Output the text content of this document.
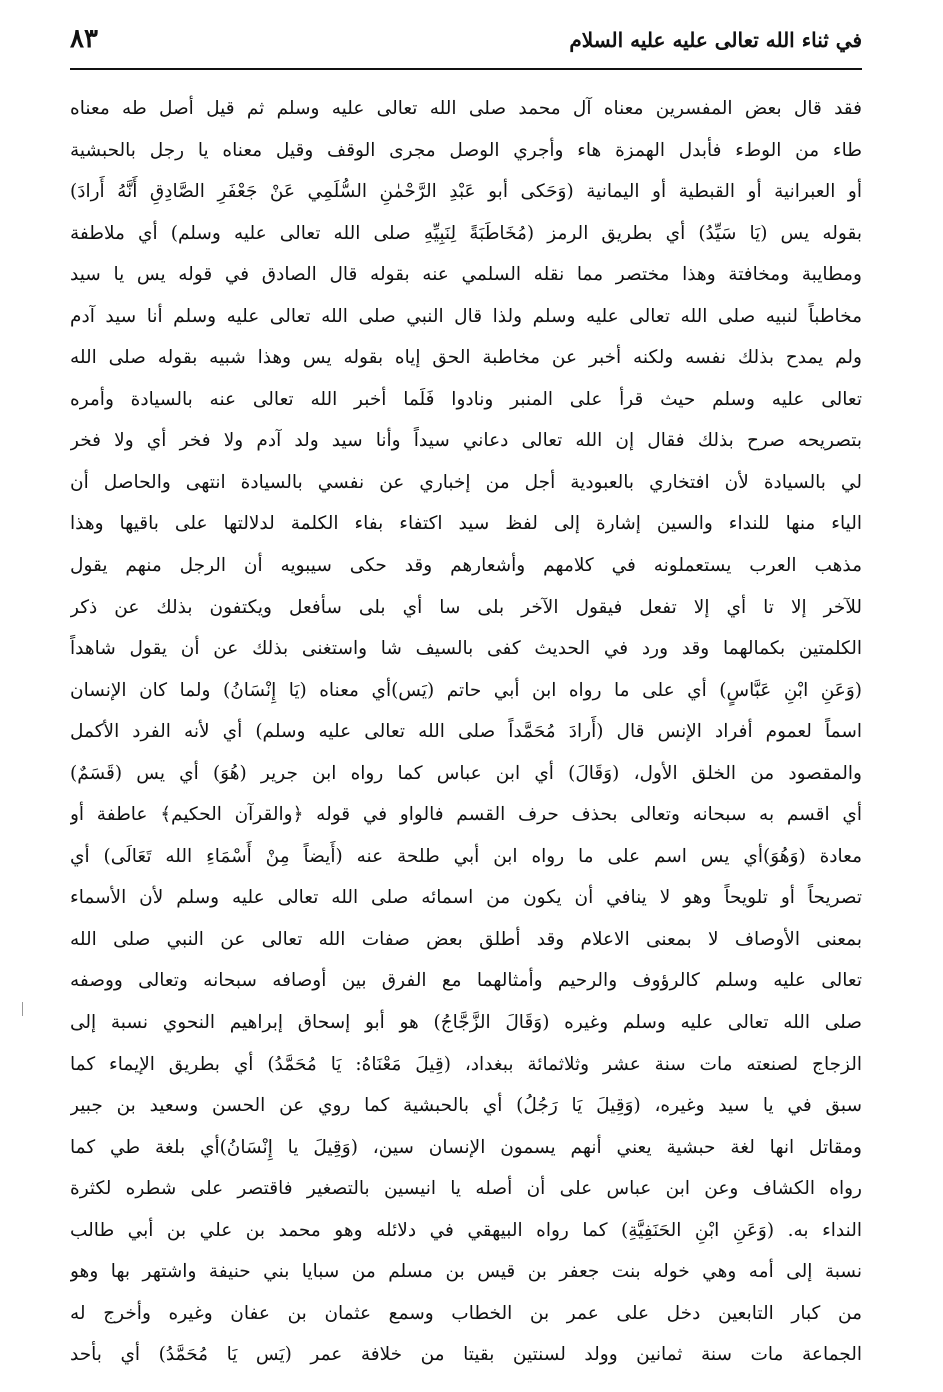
في ثناء الله تعالى عليه عليه السلام
٨٣
فقد قال بعض المفسرين معناه آل محمد صلى الله تعالى عليه وسلم ثم قيل أصل طه معناه
طاء من الوطء فأبدل الهمزة هاء وأجري الوصل مجرى الوقف وقيل معناه يا رجل بالحبشية
أو العبرانية أو القبطية أو اليمانية (وَحَكى أبو عَبْدِ الرَّحْمٰنِ السُّلَمِي عَنْ جَعْفَرِ الصَّادِقِ أَنَّهُ أَرادَ)
بقوله يس (يَا سَيِّدُ) أي بطريق الرمز (مُخَاطَبَةً لِنَبِيِّهِ صلى الله تعالى عليه وسلم) أي ملاطفة
ومطايبة ومخافتة وهذا مختصر مما نقله السلمي عنه بقوله قال الصادق في قوله يس يا سيد
مخاطباً لنبيه صلى الله تعالى عليه وسلم ولذا قال النبي صلى الله تعالى عليه وسلم أنا سيد آدم
ولم يمدح بذلك نفسه ولكنه أخبر عن مخاطبة الحق إياه بقوله يس وهذا شبيه بقوله صلى الله
تعالى عليه وسلم حيث قرأ على المنبر ونادوا فَلَما أخبر الله تعالى عنه بالسيادة وأمره
بتصريحه صرح بذلك فقال إن الله تعالى دعاني سيداً وأنا سيد ولد آدم ولا فخر أي ولا فخر
لي بالسيادة لأن افتخاري بالعبودية أجل من إخباري عن نفسي بالسيادة انتهى والحاصل أن
الياء منها للنداء والسين إشارة إلى لفظ سيد اكتفاء بفاء الكلمة لدلالتها على باقيها وهذا
مذهب العرب يستعملونه في كلامهم وأشعارهم وقد حكى سيبويه أن الرجل منهم يقول
للآخر إلا تا أي إلا تفعل فيقول الآخر بلى سا أي بلى سأفعل ويكتفون بذلك عن ذكر
الكلمتين بكمالهما وقد ورد في الحديث كفى بالسيف شا واستغنى بذلك عن أن يقول شاهداً
(وَعَنِ ابْنِ عَبَّاسٍ) أي على ما رواه ابن أبي حاتم (يَس)أي معناه (يَا إِنْسَانُ) ولما كان الإنسان
اسماً لعموم أفراد الإنس قال (أَرادَ مُحَمَّداً صلى الله تعالى عليه وسلم) أي لأنه الفرد الأكمل
والمقصود من الخلق الأول، (وَقَالَ) أي ابن عباس كما رواه ابن جرير (هُوَ) أي يس (قَسَمٌ)
أي اقسم به سبحانه وتعالى بحذف حرف القسم فالواو في قوله ﴿والقرآن الحكيم﴾ عاطفة أو
معادة (وَهُوَ)أي يس اسم على ما رواه ابن أبي طلحة عنه (أَيضاً مِنْ أَسْمَاءِ الله تَعَالَى) أي
تصريحاً أو تلويحاً وهو لا ينافي أن يكون من اسمائه صلى الله تعالى عليه وسلم لأن الأسماء
بمعنى الأوصاف لا بمعنى الاعلام وقد أطلق بعض صفات الله تعالى عن النبي صلى الله
تعالى عليه وسلم كالرؤوف والرحيم وأمثالهما مع الفرق بين أوصافه سبحانه وتعالى ووصفه
صلى الله تعالى عليه وسلم وغيره (وَقَالَ الزَّجَّاجُ) هو أبو إسحاق إبراهيم النحوي نسبة إلى
الزجاج لصنعته مات سنة عشر وثلاثمائة ببغداد، (قِيلَ مَعْنَاهُ: يَا مُحَمَّدُ) أي بطريق الإيماء كما
سبق في يا سيد وغيره، (وَقِيلَ يَا رَجُلُ) أي بالحبشية كما روي عن الحسن وسعيد بن جبير
ومقاتل انها لغة حبشية يعني أنهم يسمون الإنسان سين، (وَقِيلَ يا إِنْسَانُ)أي بلغة طي كما
رواه الكشاف وعن ابن عباس على أن أصله يا انيسين بالتصغير فاقتصر على شطره لكثرة
النداء به. (وَعَنِ ابْنِ الحَنَفِيَّةِ) كما رواه البيهقي في دلائله وهو محمد بن علي بن أبي طالب
نسبة إلى أمه وهي خوله بنت جعفر بن قيس بن مسلم من سبايا بني حنيفة واشتهر بها وهو
من كبار التابعين دخل على عمر بن الخطاب وسمع عثمان بن عفان وغيره وأخرج له
الجماعة مات سنة ثمانين وولد لسنتين بقيتا من خلافة عمر (يَس يَا مُحَمَّدُ) أي بأحد
